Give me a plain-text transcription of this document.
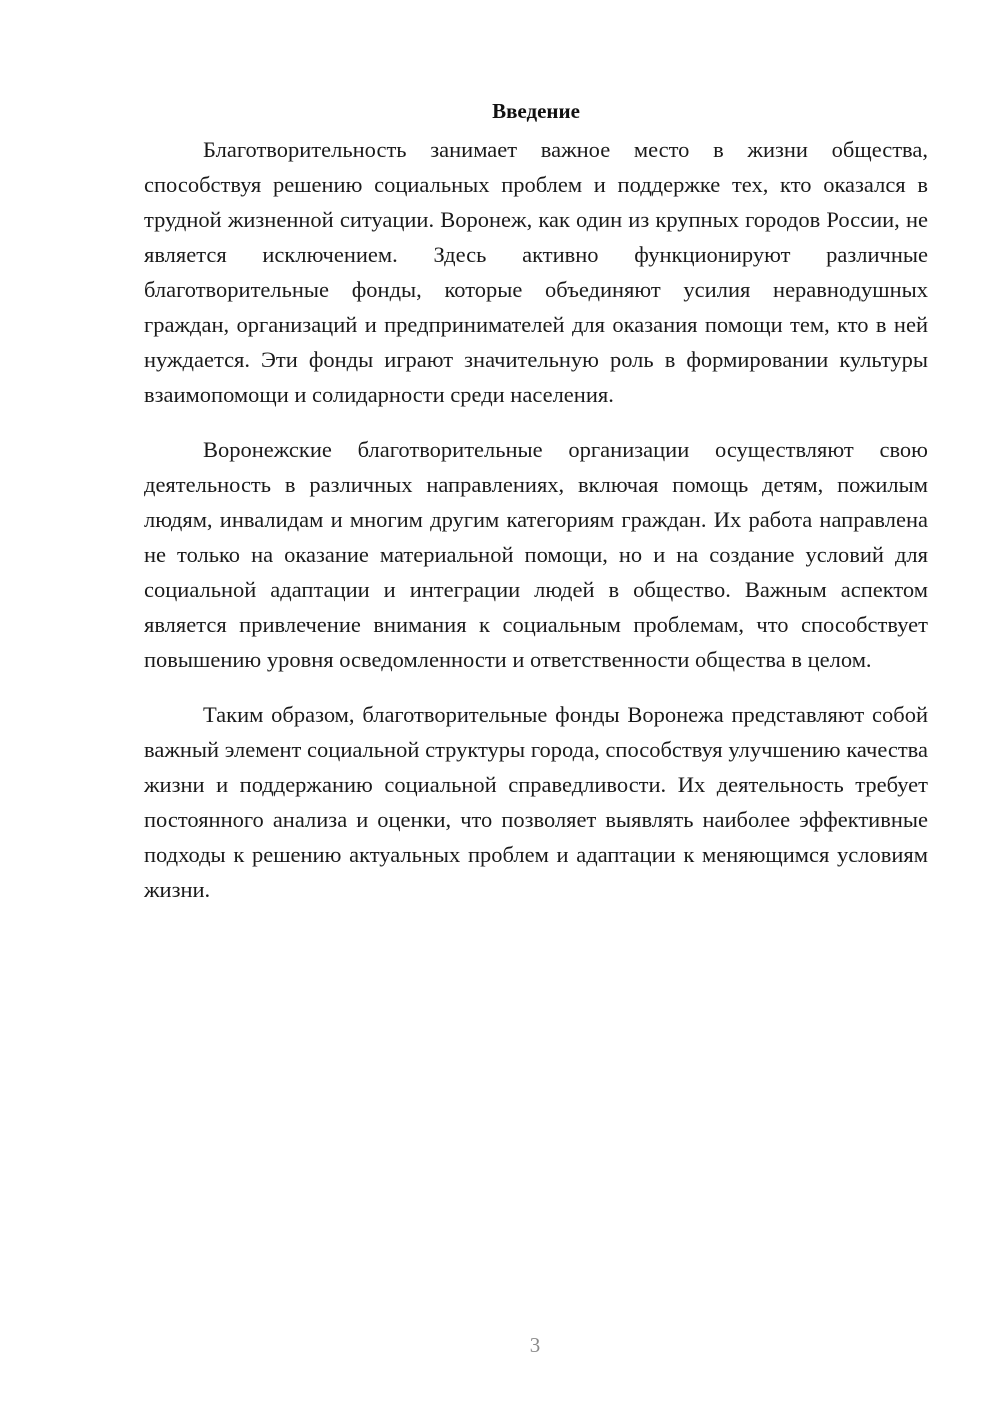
Введение

Благотворительность занимает важное место в жизни общества, способствуя решению социальных проблем и поддержке тех, кто оказался в трудной жизненной ситуации. Воронеж, как один из крупных городов России, не является исключением. Здесь активно функционируют различные благотворительные фонды, которые объединяют усилия неравнодушных граждан, организаций и предпринимателей для оказания помощи тем, кто в ней нуждается. Эти фонды играют значительную роль в формировании культуры взаимопомощи и солидарности среди населения.

Воронежские благотворительные организации осуществляют свою деятельность в различных направлениях, включая помощь детям, пожилым людям, инвалидам и многим другим категориям граждан. Их работа направлена не только на оказание материальной помощи, но и на создание условий для социальной адаптации и интеграции людей в общество. Важным аспектом является привлечение внимания к социальным проблемам, что способствует повышению уровня осведомленности и ответственности общества в целом.

Таким образом, благотворительные фонды Воронежа представляют собой важный элемент социальной структуры города, способствуя улучшению качества жизни и поддержанию социальной справедливости. Их деятельность требует постоянного анализа и оценки, что позволяет выявлять наиболее эффективные подходы к решению актуальных проблем и адаптации к меняющимся условиям жизни.

3
